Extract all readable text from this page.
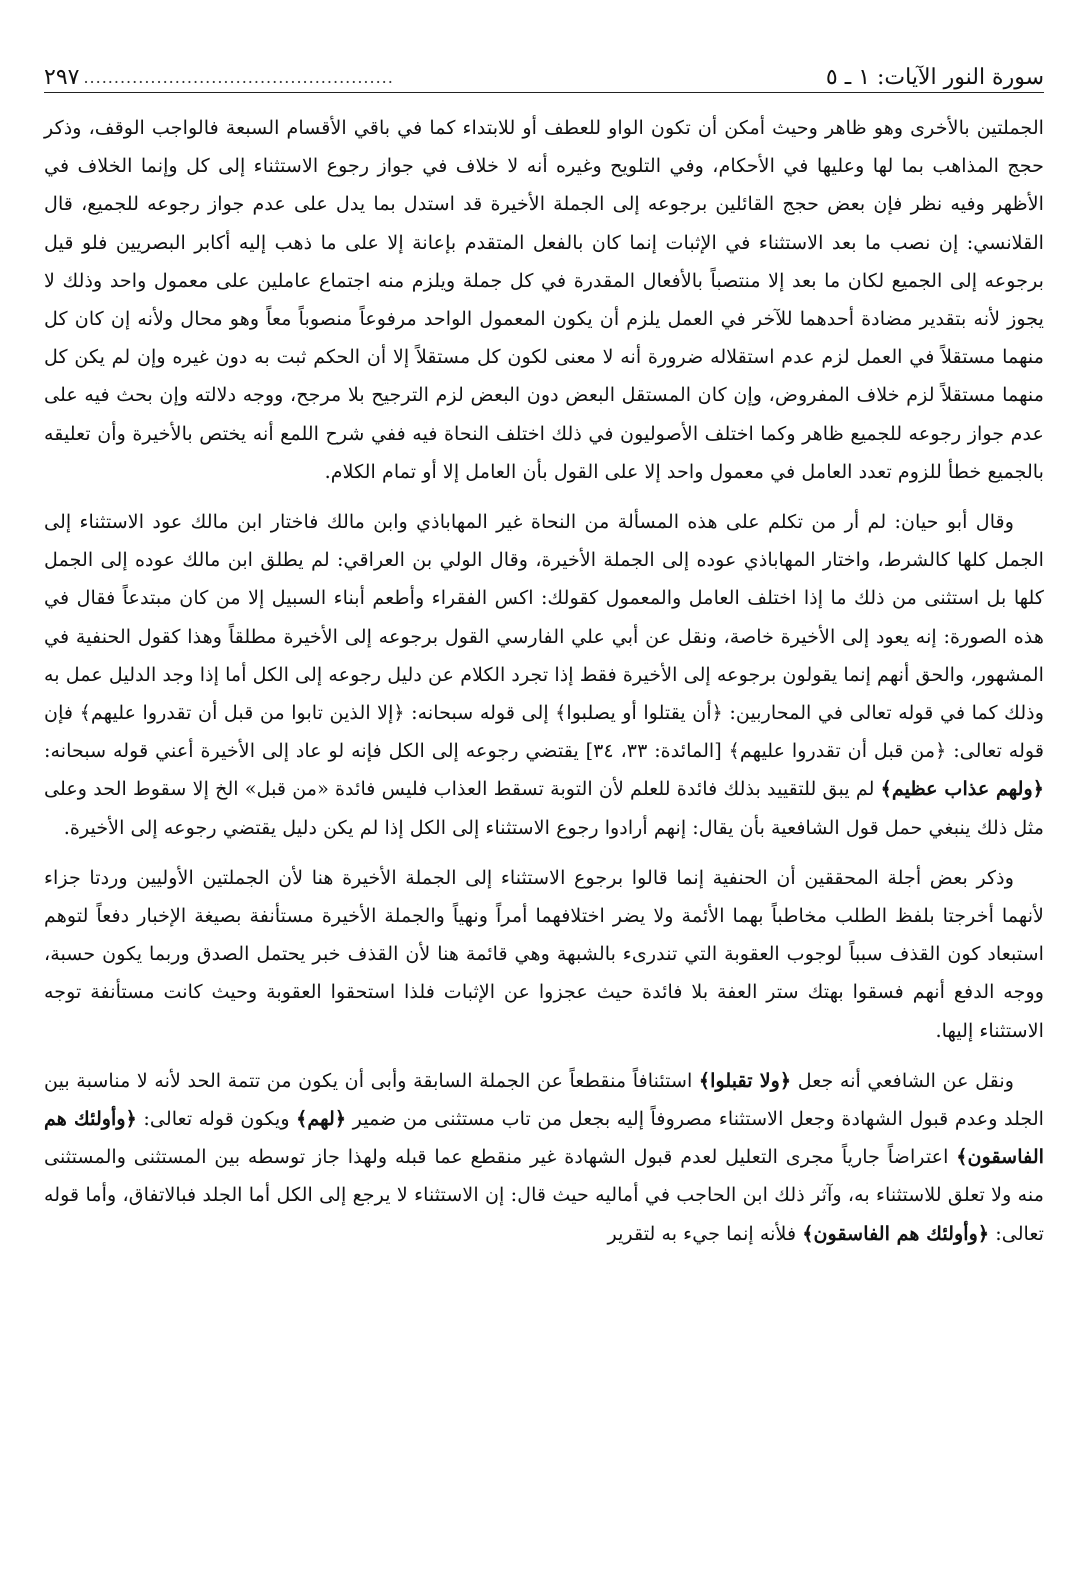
سورة النور الآيات: ١ ـ ٥
...................................................
٢٩٧

الجملتين بالأخرى وهو ظاهر وحيث أمكن أن تكون الواو للعطف أو للابتداء كما في باقي الأقسام السبعة فالواجب الوقف، وذكر حجج المذاهب بما لها وعليها في الأحكام، وفي التلويح وغيره أنه لا خلاف في جواز رجوع الاستثناء إلى كل وإنما الخلاف في الأظهر وفيه نظر فإن بعض حجج القائلين برجوعه إلى الجملة الأخيرة قد استدل بما يدل على عدم جواز رجوعه للجميع، قال القلانسي: إن نصب ما بعد الاستثناء في الإثبات إنما كان بالفعل المتقدم بإعانة إلا على ما ذهب إليه أكابر البصريين فلو قيل برجوعه إلى الجميع لكان ما بعد إلا منتصباً بالأفعال المقدرة في كل جملة ويلزم منه اجتماع عاملين على معمول واحد وذلك لا يجوز لأنه بتقدير مضادة أحدهما للآخر في العمل يلزم أن يكون المعمول الواحد مرفوعاً منصوباً معاً وهو محال ولأنه إن كان كل منهما مستقلاً في العمل لزم عدم استقلاله ضرورة أنه لا معنى لكون كل مستقلاً إلا أن الحكم ثبت به دون غيره وإن لم يكن كل منهما مستقلاً لزم خلاف المفروض، وإن كان المستقل البعض دون البعض لزم الترجيح بلا مرجح، ووجه دلالته وإن بحث فيه على عدم جواز رجوعه للجميع ظاهر وكما اختلف الأصوليون في ذلك اختلف النحاة فيه ففي شرح اللمع أنه يختص بالأخيرة وأن تعليقه بالجميع خطأ للزوم تعدد العامل في معمول واحد إلا على القول بأن العامل إلا أو تمام الكلام.

وقال أبو حيان: لم أر من تكلم على هذه المسألة من النحاة غير المهاباذي وابن مالك فاختار ابن مالك عود الاستثناء إلى الجمل كلها كالشرط، واختار المهاباذي عوده إلى الجملة الأخيرة، وقال الولي بن العراقي: لم يطلق ابن مالك عوده إلى الجمل كلها بل استثنى من ذلك ما إذا اختلف العامل والمعمول كقولك: اكس الفقراء وأطعم أبناء السبيل إلا من كان مبتدعاً فقال في هذه الصورة: إنه يعود إلى الأخيرة خاصة، ونقل عن أبي علي الفارسي القول برجوعه إلى الأخيرة مطلقاً وهذا كقول الحنفية في المشهور، والحق أنهم إنما يقولون برجوعه إلى الأخيرة فقط إذا تجرد الكلام عن دليل رجوعه إلى الكل أما إذا وجد الدليل عمل به وذلك كما في قوله تعالى في المحاربين: ﴿أن يقتلوا أو يصلبوا﴾ إلى قوله سبحانه: ﴿إلا الذين تابوا من قبل أن تقدروا عليهم﴾ فإن قوله تعالى: ﴿من قبل أن تقدروا عليهم﴾ [المائدة: ٣٣، ٣٤] يقتضي رجوعه إلى الكل فإنه لو عاد إلى الأخيرة أعني قوله سبحانه: ﴿ولهم عذاب عظيم﴾ لم يبق للتقييد بذلك فائدة للعلم لأن التوبة تسقط العذاب فليس فائدة «من قبل» الخ إلا سقوط الحد وعلى مثل ذلك ينبغي حمل قول الشافعية بأن يقال: إنهم أرادوا رجوع الاستثناء إلى الكل إذا لم يكن دليل يقتضي رجوعه إلى الأخيرة.

وذكر بعض أجلة المحققين أن الحنفية إنما قالوا برجوع الاستثناء إلى الجملة الأخيرة هنا لأن الجملتين الأوليين وردتا جزاء لأنهما أخرجتا بلفظ الطلب مخاطباً بهما الأئمة ولا يضر اختلافهما أمراً ونهياً والجملة الأخيرة مستأنفة بصيغة الإخبار دفعاً لتوهم استبعاد كون القذف سبباً لوجوب العقوبة التي تندرىء بالشبهة وهي قائمة هنا لأن القذف خبر يحتمل الصدق وربما يكون حسبة، ووجه الدفع أنهم فسقوا بهتك ستر العفة بلا فائدة حيث عجزوا عن الإثبات فلذا استحقوا العقوبة وحيث كانت مستأنفة توجه الاستثناء إليها.

ونقل عن الشافعي أنه جعل ﴿ولا تقبلوا﴾ استئنافاً منقطعاً عن الجملة السابقة وأبى أن يكون من تتمة الحد لأنه لا مناسبة بين الجلد وعدم قبول الشهادة وجعل الاستثناء مصروفاً إليه بجعل من تاب مستثنى من ضمير ﴿لهم﴾ ويكون قوله تعالى: ﴿وأولئك هم الفاسقون﴾ اعتراضاً جارياً مجرى التعليل لعدم قبول الشهادة غير منقطع عما قبله ولهذا جاز توسطه بين المستثنى والمستثنى منه ولا تعلق للاستثناء به، وآثر ذلك ابن الحاجب في أماليه حيث قال: إن الاستثناء لا يرجع إلى الكل أما الجلد فبالاتفاق، وأما قوله تعالى: ﴿وأولئك هم الفاسقون﴾ فلأنه إنما جيء به لتقرير
